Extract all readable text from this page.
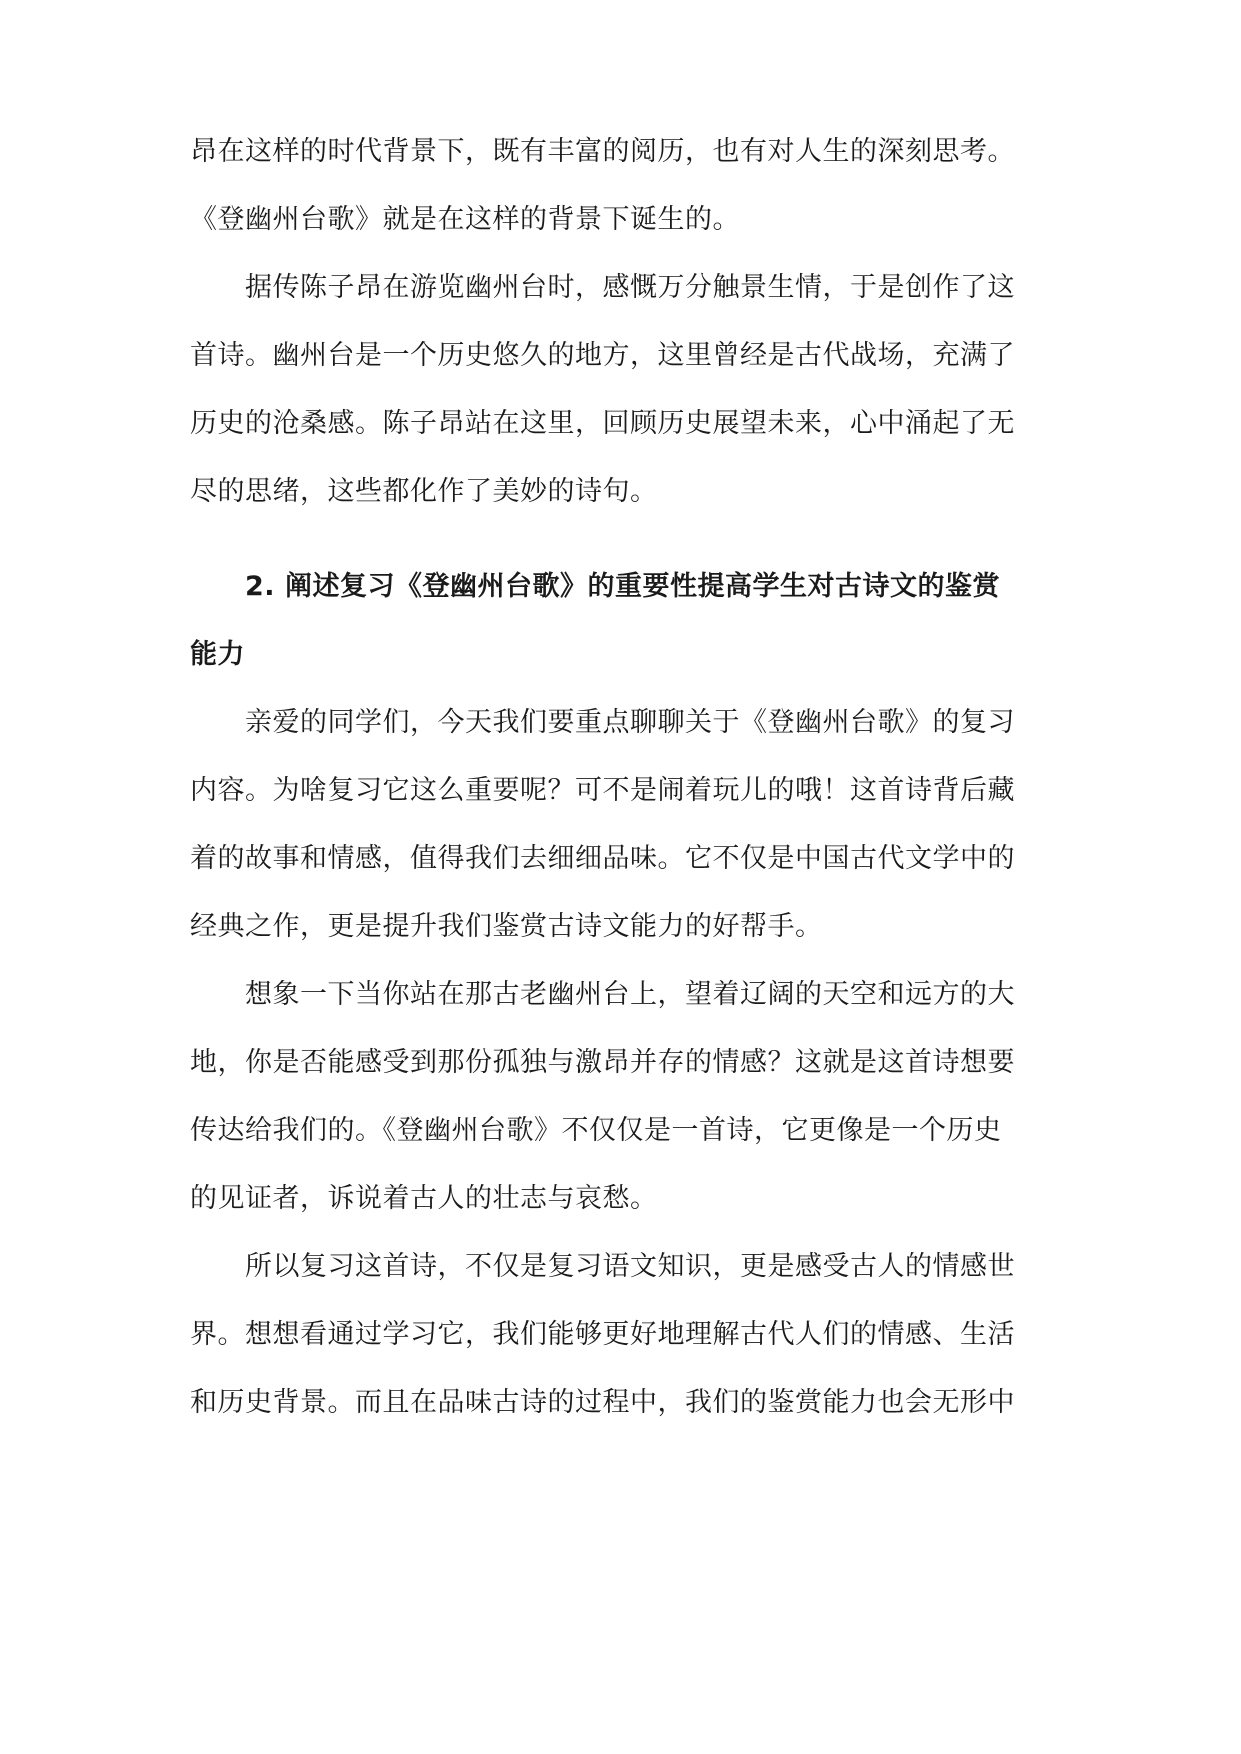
昂在这样的时代背景下，既有丰富的阅历，也有对人生的深刻思考。
《登幽州台歌》就是在这样的背景下诞生的。
据传陈子昂在游览幽州台时，感慨万分触景生情，于是创作了这
首诗。幽州台是一个历史悠久的地方，这里曾经是古代战场，充满了
历史的沧桑感。陈子昂站在这里，回顾历史展望未来，心中涌起了无
尽的思绪，这些都化作了美妙的诗句。
2. 阐述复习《登幽州台歌》的重要性提高学生对古诗文的鉴赏
能力
亲爱的同学们，今天我们要重点聊聊关于《登幽州台歌》的复习
内容。为啥复习它这么重要呢？可不是闹着玩儿的哦！这首诗背后藏
着的故事和情感，值得我们去细细品味。它不仅是中国古代文学中的
经典之作，更是提升我们鉴赏古诗文能力的好帮手。
想象一下当你站在那古老幽州台上，望着辽阔的天空和远方的大
地，你是否能感受到那份孤独与激昂并存的情感？这就是这首诗想要
传达给我们的。《登幽州台歌》不仅仅是一首诗，它更像是一个历史
的见证者，诉说着古人的壮志与哀愁。
所以复习这首诗，不仅是复习语文知识，更是感受古人的情感世
界。想想看通过学习它，我们能够更好地理解古代人们的情感、生活
和历史背景。而且在品味古诗的过程中，我们的鉴赏能力也会无形中
